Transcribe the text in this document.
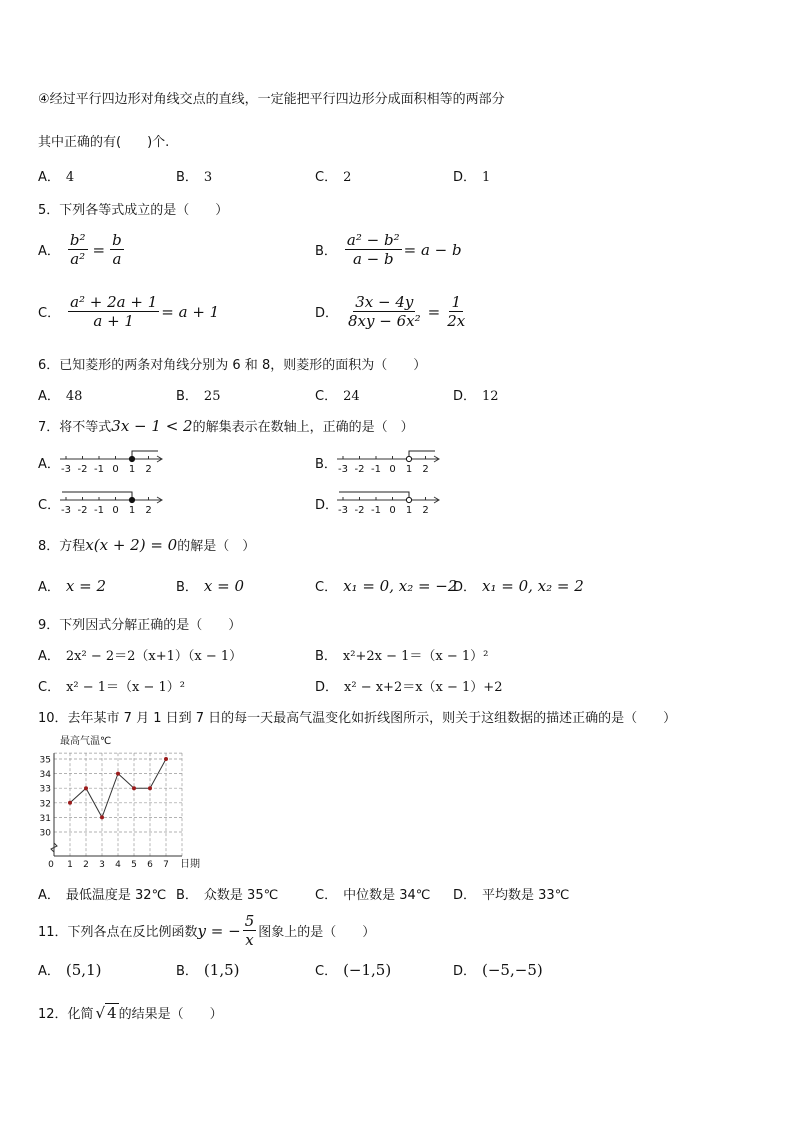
④经过平行四边形对角线交点的直线，一定能把平行四边形分成面积相等的两部分
其中正确的有(　　)个.
A． 4	B． 3	C． 2	D． 1
5．下列各等式成立的是（　　）
A． $\frac{\text{b²}}{\text{a²}} = \frac{b}{a}$	B． $\frac{\text{a² − b²}}{a - b} = a - b$
C． $\frac{\text{a² + 2a + 1}}{a + 1} = a + 1$	D． $\frac{3x - 4y}{\text{8xy − 6x²}} = \frac{1}{2x}$
6．已知菱形的两条对角线分别为 6 和 8，则菱形的面积为（　　）
A． 48	B． 25	C． 24	D． 12
7．将不等式3x − 1 < 2的解集表示在数轴上，正确的是（　）
A．	B．
C．	D．
-3 -2 -1 0 1 2	-3 -2 -1 0 1 2
-3 -2 -1 0 1 2	-3 -2 -1 0 1 2
8．方程x(x + 2) = 0的解是（　）
A． x = 2	B． x = 0	C． x₁ = 0, x₂ = −2
D． x₁ = 0, x₂ = 2
9．下列因式分解正确的是（　　）
A． 2x² − 2＝2（x+1）（x − 1）	B． x²+2x − 1＝（x − 1）²
C． x² − 1＝（x − 1）²	D． x² − x+2＝x（x − 1）+2
10．去年某市 7 月 1 日到 7 日的每一天最高气温变化如折线图所示，则关于这组数据的描述正确的是（　　）
30
31
32
33
34
35
0 1 2 3 4 5 6 7
最高气温℃
日期
A． 最低温度是 32℃ B． 众数是 35℃	C． 中位数是 34℃ D． 平均数是 33℃
11．下列各点在反比例函数 y = − $\frac{5}{x}$ 图象上的是（　　）
A． (5,1)	B． (1,5)	C． (−1,5)	D． (−5,−5)
12．化简 √ 4 的结果是（　　）
